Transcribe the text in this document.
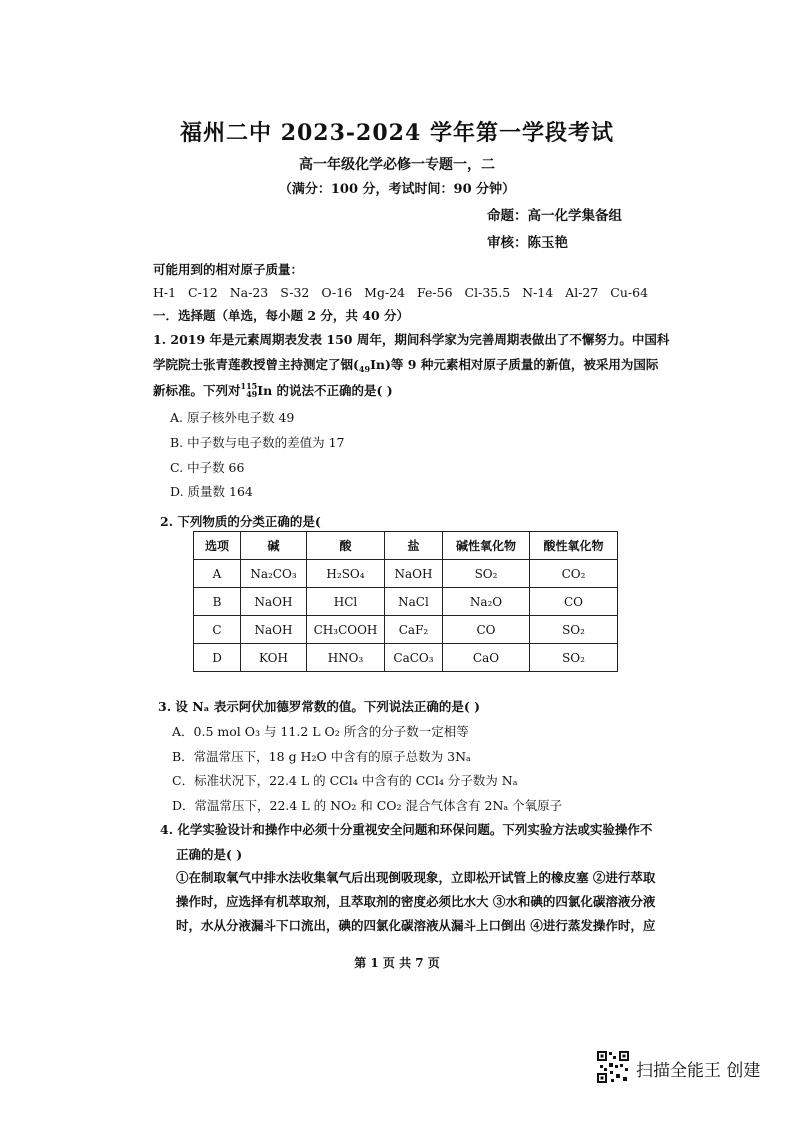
福州二中 2023-2024 学年第一学段考试
高一年级化学必修一专题一，二
（满分：100 分，考试时间：90 分钟）
命题：高一化学集备组
审核：陈玉艳
可能用到的相对原子质量：
H-1 C-12 Na-23 S-32 O-16 Mg-24 Fe-56 Cl-35.5 N-14 Al-27 Cu-64
一．选择题（单选，每小题 2 分，共 40 分）
1. 2019 年是元素周期表发表 150 周年，期间科学家为完善周期表做出了不懈努力。中国科
学院院士张青莲教授曾主持测定了铟$(_{49}In)$等 9 种元素相对原子质量的新值，被采用为国际
新标准。下列对115
49In 的说法不正确的是( )
A. 原子核外电子数 49
B. 中子数与电子数的差值为 17
C. 中子数 66
D. 质量数 164
2. 下列物质的分类正确的是(
选项	碱	酸	盐	碱性氧化物	酸性氧化物
A	Na₂CO₃	H₂SO₄	NaOH	SO₂	CO₂
B	NaOH	HCl	NaCl	Na₂O	CO
C	NaOH	CH₃COOH	CaF₂	CO	SO₂
D	KOH	HNO₃	CaCO₃	CaO	SO₂
3. 设 Nₐ 表示阿伏加德罗常数的值。下列说法正确的是( )
A．0.5 mol O₃ 与 11.2 L O₂ 所含的分子数一定相等
B．常温常压下，18 g H₂O 中含有的原子总数为 3Nₐ
C．标准状况下，22.4 L 的 CCl₄ 中含有的 CCl₄ 分子数为 Nₐ
D．常温常压下，22.4 L 的 NO₂ 和 CO₂ 混合气体含有 2Nₐ 个氧原子
4. 化学实验设计和操作中必须十分重视安全问题和环保问题。下列实验方法或实验操作不
正确的是( )
①在制取氧气中排水法收集氧气后出现倒吸现象，立即松开试管上的橡皮塞 ②进行萃取
操作时，应选择有机萃取剂，且萃取剂的密度必须比水大 ③水和碘的四氯化碳溶液分液
时，水从分液漏斗下口流出，碘的四氯化碳溶液从漏斗上口倒出 ④进行蒸发操作时，应
第 1 页 共 7 页
扫描全能王 创建
